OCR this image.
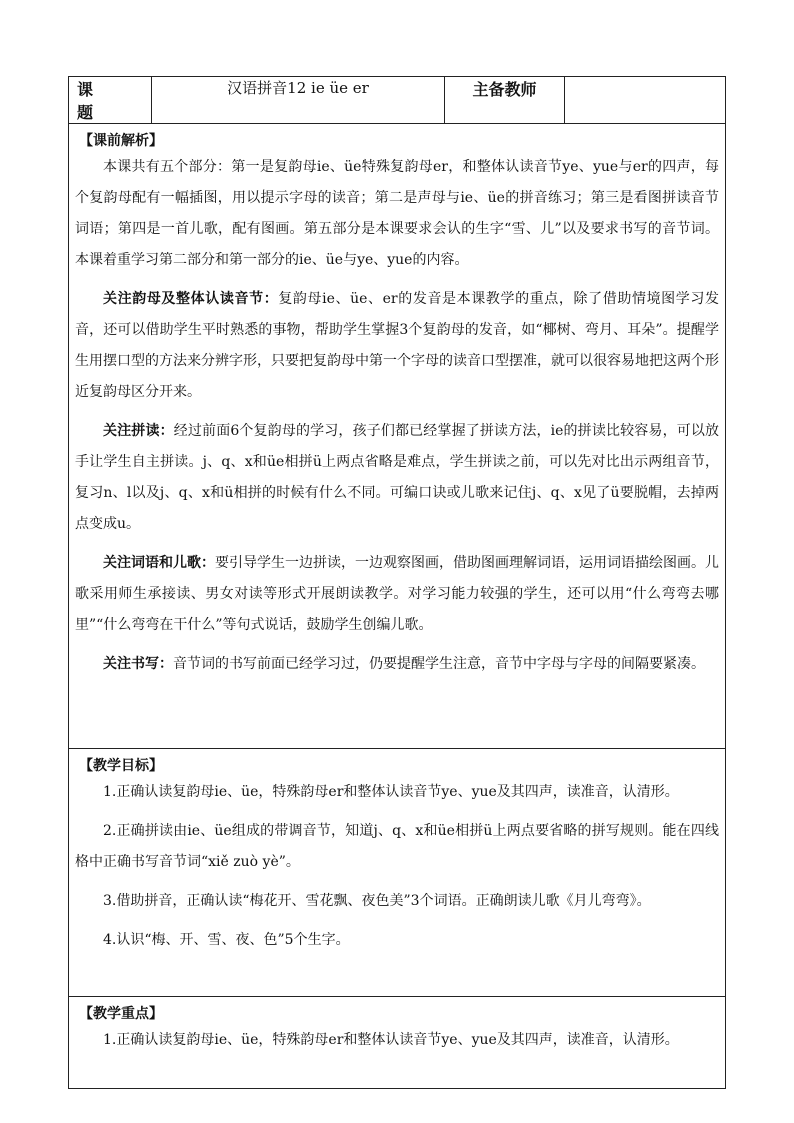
课 题	汉语拼音12 ie üe er	主备教师	

【课前解析】

本课共有五个部分：第一是复韵母ie、üe特殊复韵母er，和整体认读音节ye、yue与er的四声，每个复韵母配有一幅插图，用以提示字母的读音；第二是声母与ie、üe的拼音练习；第三是看图拼读音节词语；第四是一首儿歌，配有图画。第五部分是本课要求会认的生字“雪、儿”以及要求书写的音节词。本课着重学习第二部分和第一部分的ie、üe与ye、yue的内容。

关注韵母及整体认读音节：复韵母ie、üe、er的发音是本课教学的重点，除了借助情境图学习发音，还可以借助学生平时熟悉的事物，帮助学生掌握3个复韵母的发音，如“椰树、弯月、耳朵”。提醒学生用摆口型的方法来分辨字形，只要把复韵母中第一个字母的读音口型摆准，就可以很容易地把这两个形近复韵母区分开来。

关注拼读：经过前面6个复韵母的学习，孩子们都已经掌握了拼读方法，ie的拼读比较容易，可以放手让学生自主拼读。j、q、x和üe相拼ü上两点省略是难点，学生拼读之前，可以先对比出示两组音节，复习n、l以及j、q、x和ü相拼的时候有什么不同。可编口诀或儿歌来记住j、q、x见了ü要脱帽，去掉两点变成u。

关注词语和儿歌：要引导学生一边拼读，一边观察图画，借助图画理解词语，运用词语描绘图画。儿歌采用师生承接读、男女对读等形式开展朗读教学。对学习能力较强的学生，还可以用“什么弯弯去哪里”“什么弯弯在干什么”等句式说话，鼓励学生创编儿歌。

关注书写：音节词的书写前面已经学习过，仍要提醒学生注意，音节中字母与字母的间隔要紧凑。

【教学目标】

1.正确认读复韵母ie、üe，特殊韵母er和整体认读音节ye、yue及其四声，读准音，认清形。

2.正确拼读由ie、üe组成的带调音节，知道j、q、x和üe相拼ü上两点要省略的拼写规则。能在四线格中正确书写音节词“xiě zuò yè”。

3.借助拼音，正确认读“梅花开、雪花飘、夜色美”3个词语。正确朗读儿歌《月儿弯弯》。

4.认识“梅、开、雪、夜、色”5个生字。

【教学重点】

1.正确认读复韵母ie、üe，特殊韵母er和整体认读音节ye、yue及其四声，读准音，认清形。
